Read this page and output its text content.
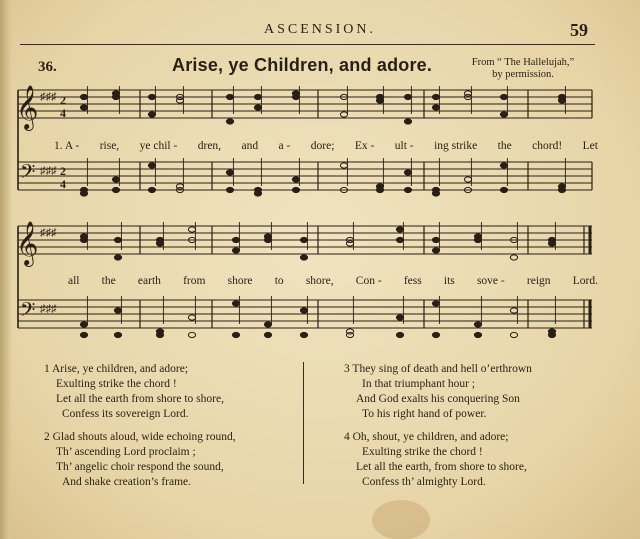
ASCENSION.	59
36.	Arise, ye Children, and adore.	From “ The Hallelujah,”
by permission.
𝄞 ♯♯♯ 2
4
𝄢 ♯♯♯ 2
4
𝄞 ♯♯♯
𝄢 ♯♯♯
1. A - rise, ye chil - dren, and a - dore; Ex - ult - ing strike the chord! Let
all the earth from shore to shore, Con - fess its sove - reign Lord.
1 Arise, ye children, and adore;
Exulting strike the chord !
Let all the earth from shore to shore,
Confess its sovereign Lord.
2 Glad shouts aloud, wide echoing round,
Th’ ascending Lord proclaim ;
Th’ angelic choir respond the sound,
And shake creation’s frame.
3 They sing of death and hell o’erthrown
In that triumphant hour ;
And God exalts his conquering Son
To his right hand of power.
4 Oh, shout, ye children, and adore;
Exulting strike the chord !
Let all the earth, from shore to shore,
Confess th’ almighty Lord.
